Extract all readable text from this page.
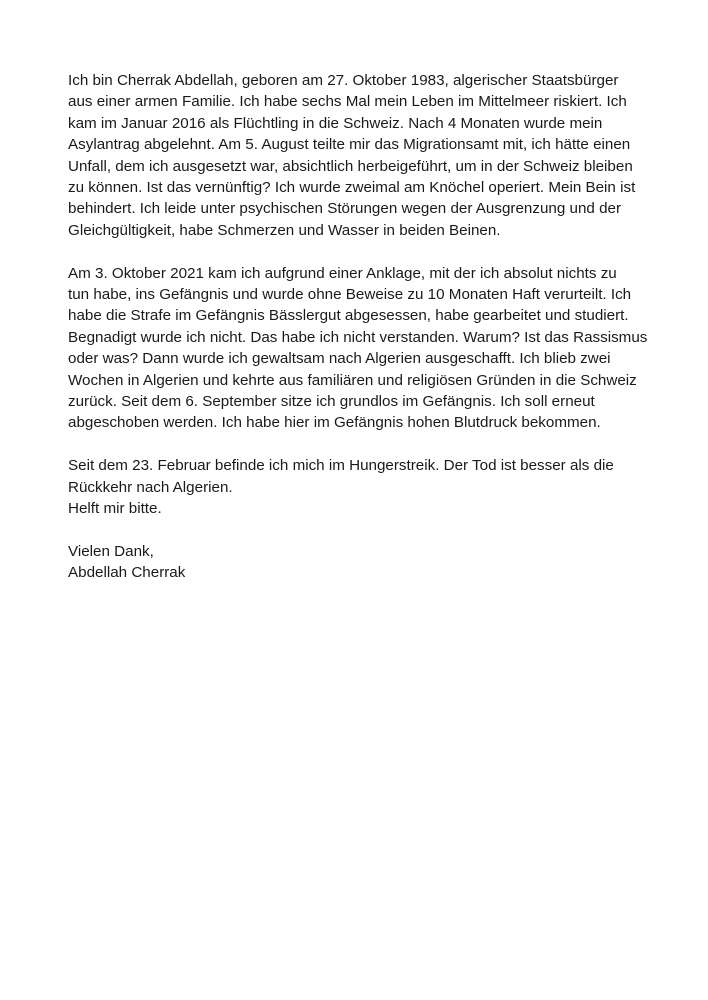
Ich bin Cherrak Abdellah, geboren am 27. Oktober 1983, algerischer Staatsbürger
aus einer armen Familie. Ich habe sechs Mal mein Leben im Mittelmeer riskiert. Ich
kam im Januar 2016 als Flüchtling in die Schweiz. Nach 4 Monaten wurde mein
Asylantrag abgelehnt. Am 5. August teilte mir das Migrationsamt mit, ich hätte einen
Unfall, dem ich ausgesetzt war, absichtlich herbeigeführt, um in der Schweiz bleiben
zu können. Ist das vernünftig? Ich wurde zweimal am Knöchel operiert. Mein Bein ist
behindert. Ich leide unter psychischen Störungen wegen der Ausgrenzung und der
Gleichgültigkeit, habe Schmerzen und Wasser in beiden Beinen.

Am 3. Oktober 2021 kam ich aufgrund einer Anklage, mit der ich absolut nichts zu
tun habe, ins Gefängnis und wurde ohne Beweise zu 10 Monaten Haft verurteilt. Ich
habe die Strafe im Gefängnis Bässlergut abgesessen, habe gearbeitet und studiert.
Begnadigt wurde ich nicht. Das habe ich nicht verstanden. Warum? Ist das Rassismus
oder was? Dann wurde ich gewaltsam nach Algerien ausgeschafft. Ich blieb zwei
Wochen in Algerien und kehrte aus familiären und religiösen Gründen in die Schweiz
zurück. Seit dem 6. September sitze ich grundlos im Gefängnis. Ich soll erneut
abgeschoben werden. Ich habe hier im Gefängnis hohen Blutdruck bekommen.

Seit dem 23. Februar befinde ich mich im Hungerstreik. Der Tod ist besser als die
Rückkehr nach Algerien.
Helft mir bitte.

Vielen Dank,
Abdellah Cherrak
